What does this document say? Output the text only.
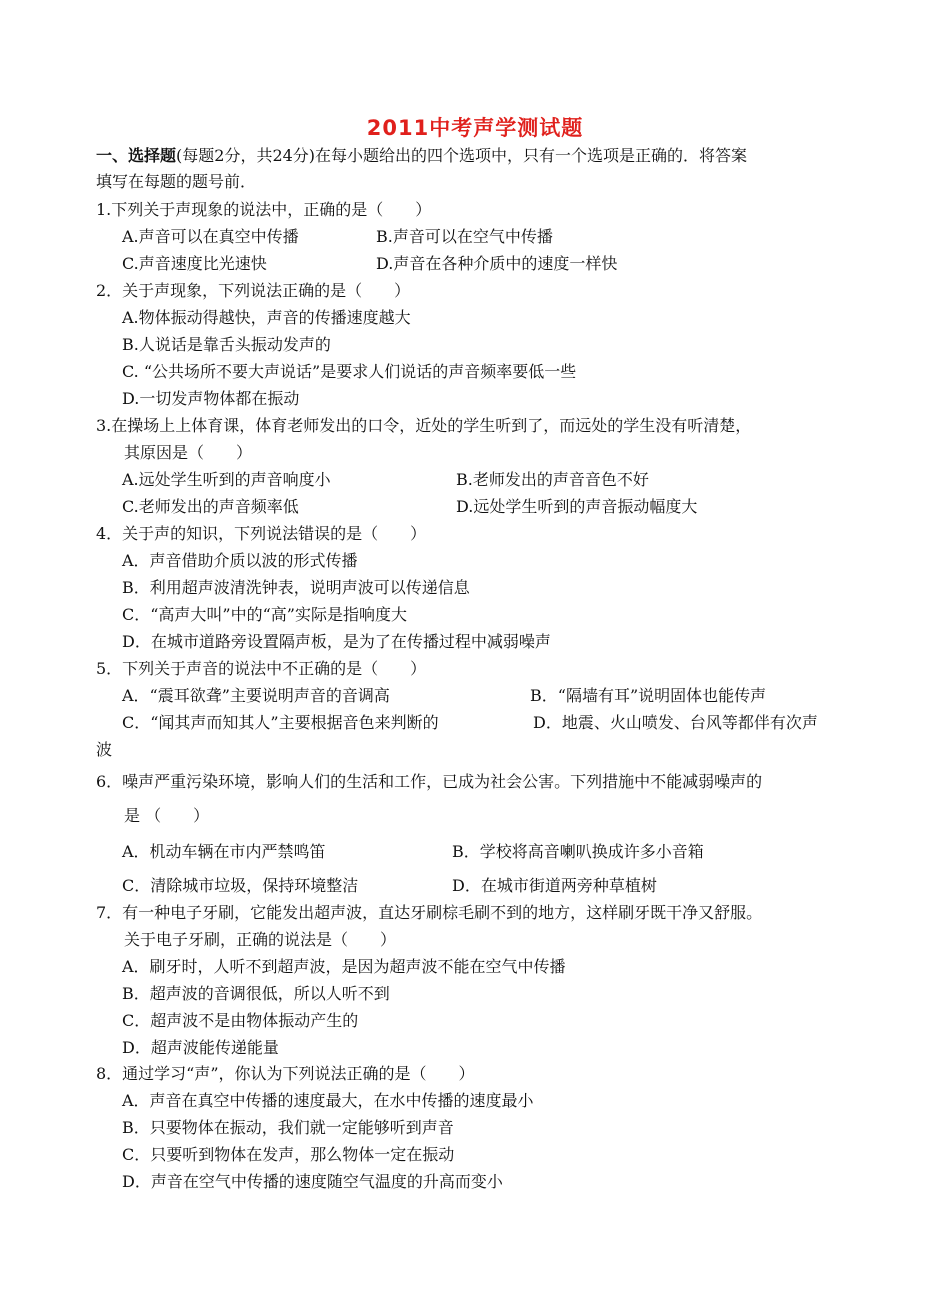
2011中考声学测试题
一、选择题(每题2分，共24分)在每小题给出的四个选项中，只有一个选项是正确的．将答案
填写在每题的题号前．
1.下列关于声现象的说法中，正确的是（　　）
A.声音可以在真空中传播	B.声音可以在空气中传播
C.声音速度比光速快	D.声音在各种介质中的速度一样快
2．关于声现象，下列说法正确的是（　　）
A.物体振动得越快，声音的传播速度越大
B.人说话是靠舌头振动发声的
C. “公共场所不要大声说话”是要求人们说话的声音频率要低一些
D.一切发声物体都在振动
3.在操场上上体育课，体育老师发出的口令，近处的学生听到了，而远处的学生没有听清楚，
其原因是（　　）
A.远处学生听到的声音响度小	B.老师发出的声音音色不好
C.老师发出的声音频率低	D.远处学生听到的声音振动幅度大
4．关于声的知识，下列说法错误的是（　　）
A．声音借助介质以波的形式传播
B．利用超声波清洗钟表，说明声波可以传递信息
C．“高声大叫”中的“高”实际是指响度大
D．在城市道路旁设置隔声板，是为了在传播过程中减弱噪声
5．下列关于声音的说法中不正确的是（　　）
A．“震耳欲聋”主要说明声音的音调高	B．“隔墙有耳”说明固体也能传声
C．“闻其声而知其人”主要根据音色来判断的	D．地震、火山喷发、台风等都伴有次声
波
6．噪声严重污染环境，影响人们的生活和工作，已成为社会公害。下列措施中不能减弱噪声的
是 （　　）
A．机动车辆在市内严禁鸣笛	B．学校将高音喇叭换成许多小音箱
C．清除城市垃圾，保持环境整洁	D．在城市街道两旁种草植树
7．有一种电子牙刷，它能发出超声波，直达牙刷棕毛刷不到的地方，这样刷牙既干净又舒服。
关于电子牙刷，正确的说法是（　　）
A．刷牙时，人听不到超声波，是因为超声波不能在空气中传播
B．超声波的音调很低，所以人听不到
C．超声波不是由物体振动产生的
D．超声波能传递能量
8．通过学习“声”，你认为下列说法正确的是（　　）
A．声音在真空中传播的速度最大，在水中传播的速度最小
B．只要物体在振动，我们就一定能够听到声音
C．只要听到物体在发声，那么物体一定在振动
D．声音在空气中传播的速度随空气温度的升高而变小
